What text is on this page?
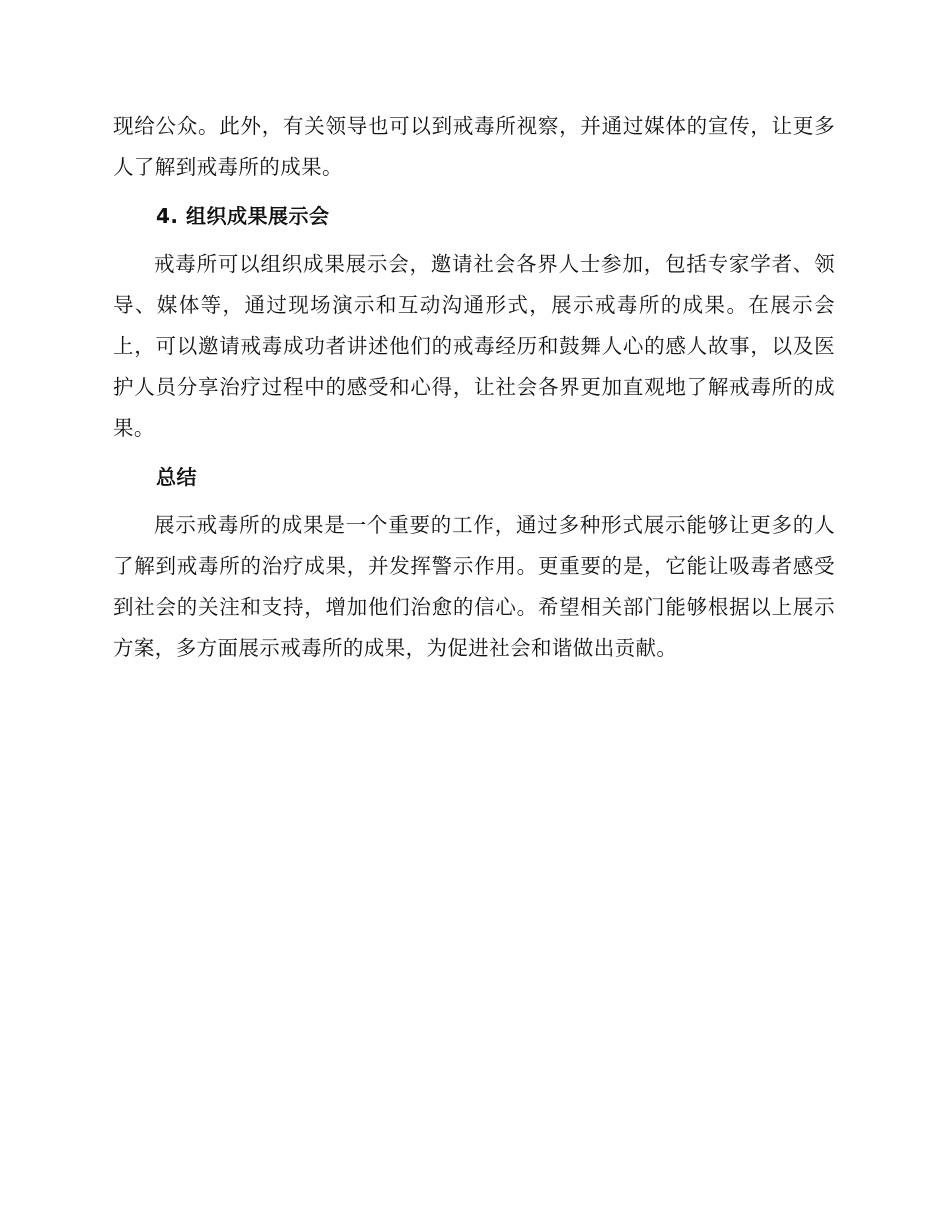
现给公众。此外，有关领导也可以到戒毒所视察，并通过媒体的宣传，让更多人了解到戒毒所的成果。

4. 组织成果展示会

戒毒所可以组织成果展示会，邀请社会各界人士参加，包括专家学者、领导、媒体等，通过现场演示和互动沟通形式，展示戒毒所的成果。在展示会上，可以邀请戒毒成功者讲述他们的戒毒经历和鼓舞人心的感人故事，以及医护人员分享治疗过程中的感受和心得，让社会各界更加直观地了解戒毒所的成果。

总结

展示戒毒所的成果是一个重要的工作，通过多种形式展示能够让更多的人了解到戒毒所的治疗成果，并发挥警示作用。更重要的是，它能让吸毒者感受到社会的关注和支持，增加他们治愈的信心。希望相关部门能够根据以上展示方案，多方面展示戒毒所的成果，为促进社会和谐做出贡献。
